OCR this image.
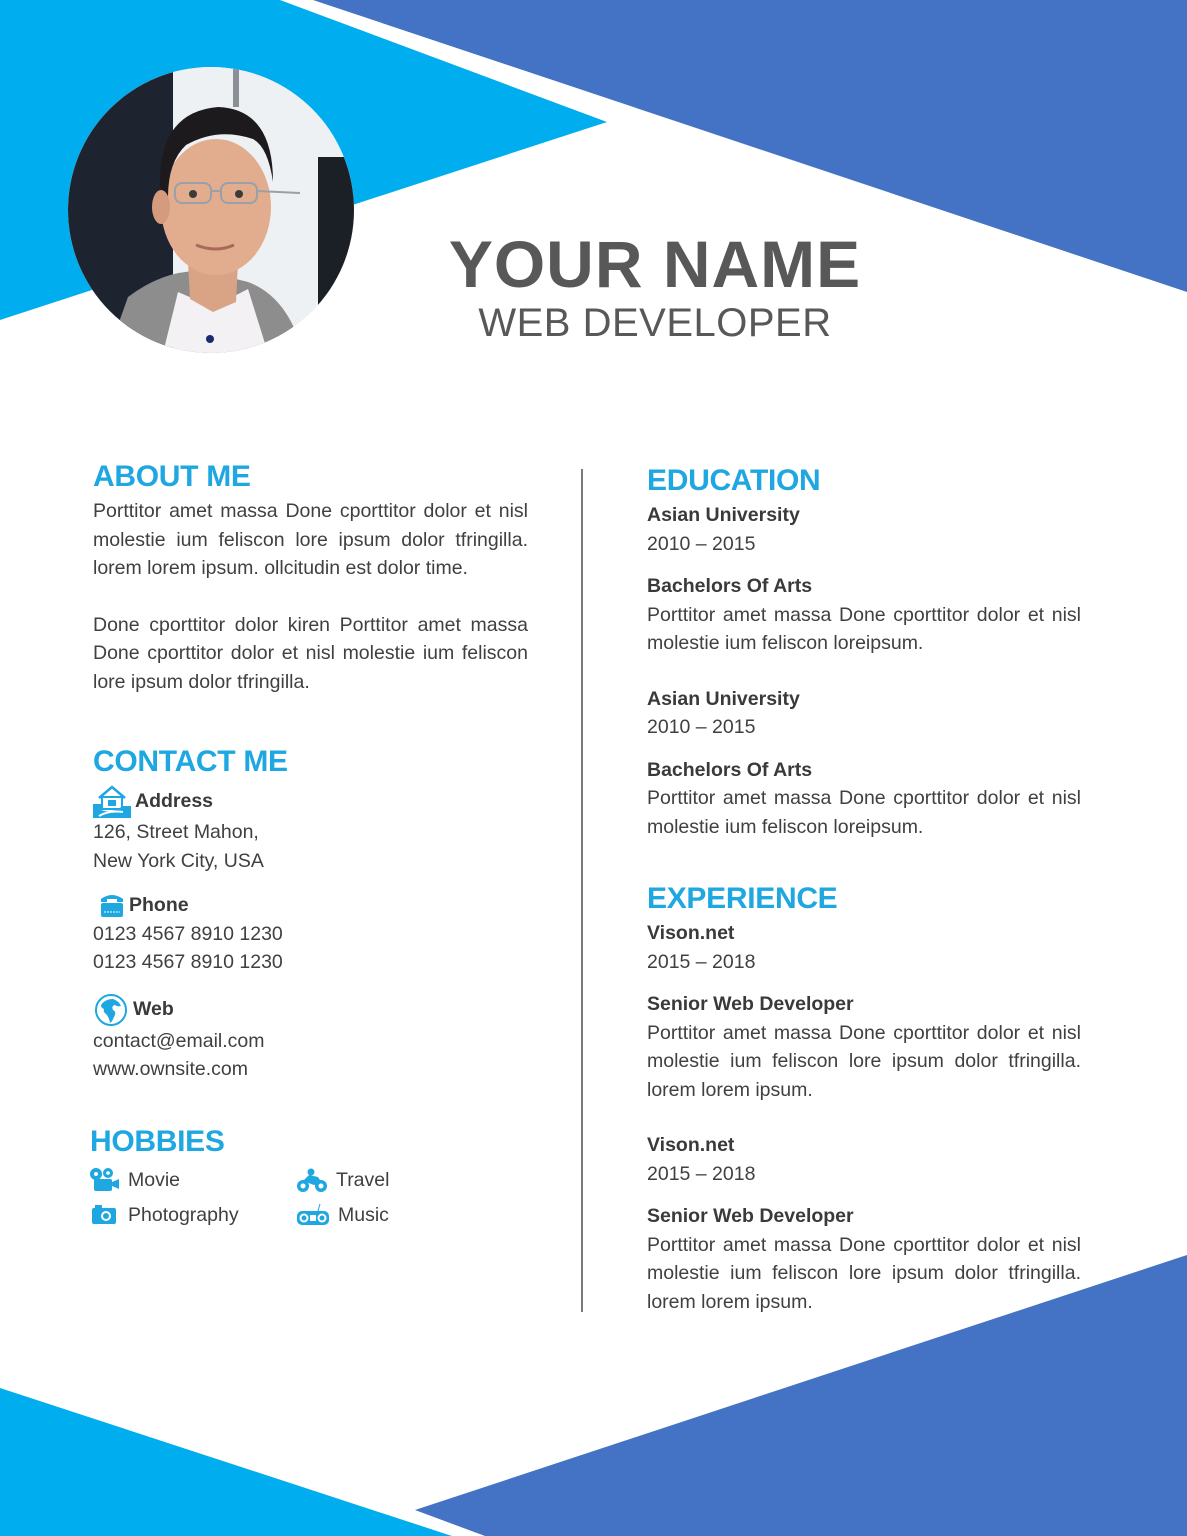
YOUR NAME
WEB DEVELOPER
ABOUT ME

Porttitor amet massa Done cporttitor dolor et nisl molestie ium feliscon lore ipsum dolor tfringilla. lorem lorem ipsum. ollcitudin est dolor time.

Done cporttitor dolor kiren Porttitor amet massa Done cporttitor dolor et nisl molestie ium feliscon lore ipsum dolor tfringilla.

CONTACT ME
Address

126, Street Mahon,

New York City, USA

Phone

0123 4567 8910 1230

0123 4567 8910 1230

Web

contact@email.com

www.ownsite.com

HOBBIES
Movie	Travel
Photography	Music
EDUCATION

Asian University

2010 – 2015

Bachelors Of Arts

Porttitor amet massa Done cporttitor dolor et nisl molestie ium feliscon loreipsum.

Asian University

2010 – 2015

Bachelors Of Arts

Porttitor amet massa Done cporttitor dolor et nisl molestie ium feliscon loreipsum.

EXPERIENCE

Vison.net

2015 – 2018

Senior Web Developer

Porttitor amet massa Done cporttitor dolor et nisl molestie ium feliscon lore ipsum dolor tfringilla. lorem lorem ipsum.

Vison.net

2015 – 2018

Senior Web Developer

Porttitor amet massa Done cporttitor dolor et nisl molestie ium feliscon lore ipsum dolor tfringilla. lorem lorem ipsum.
